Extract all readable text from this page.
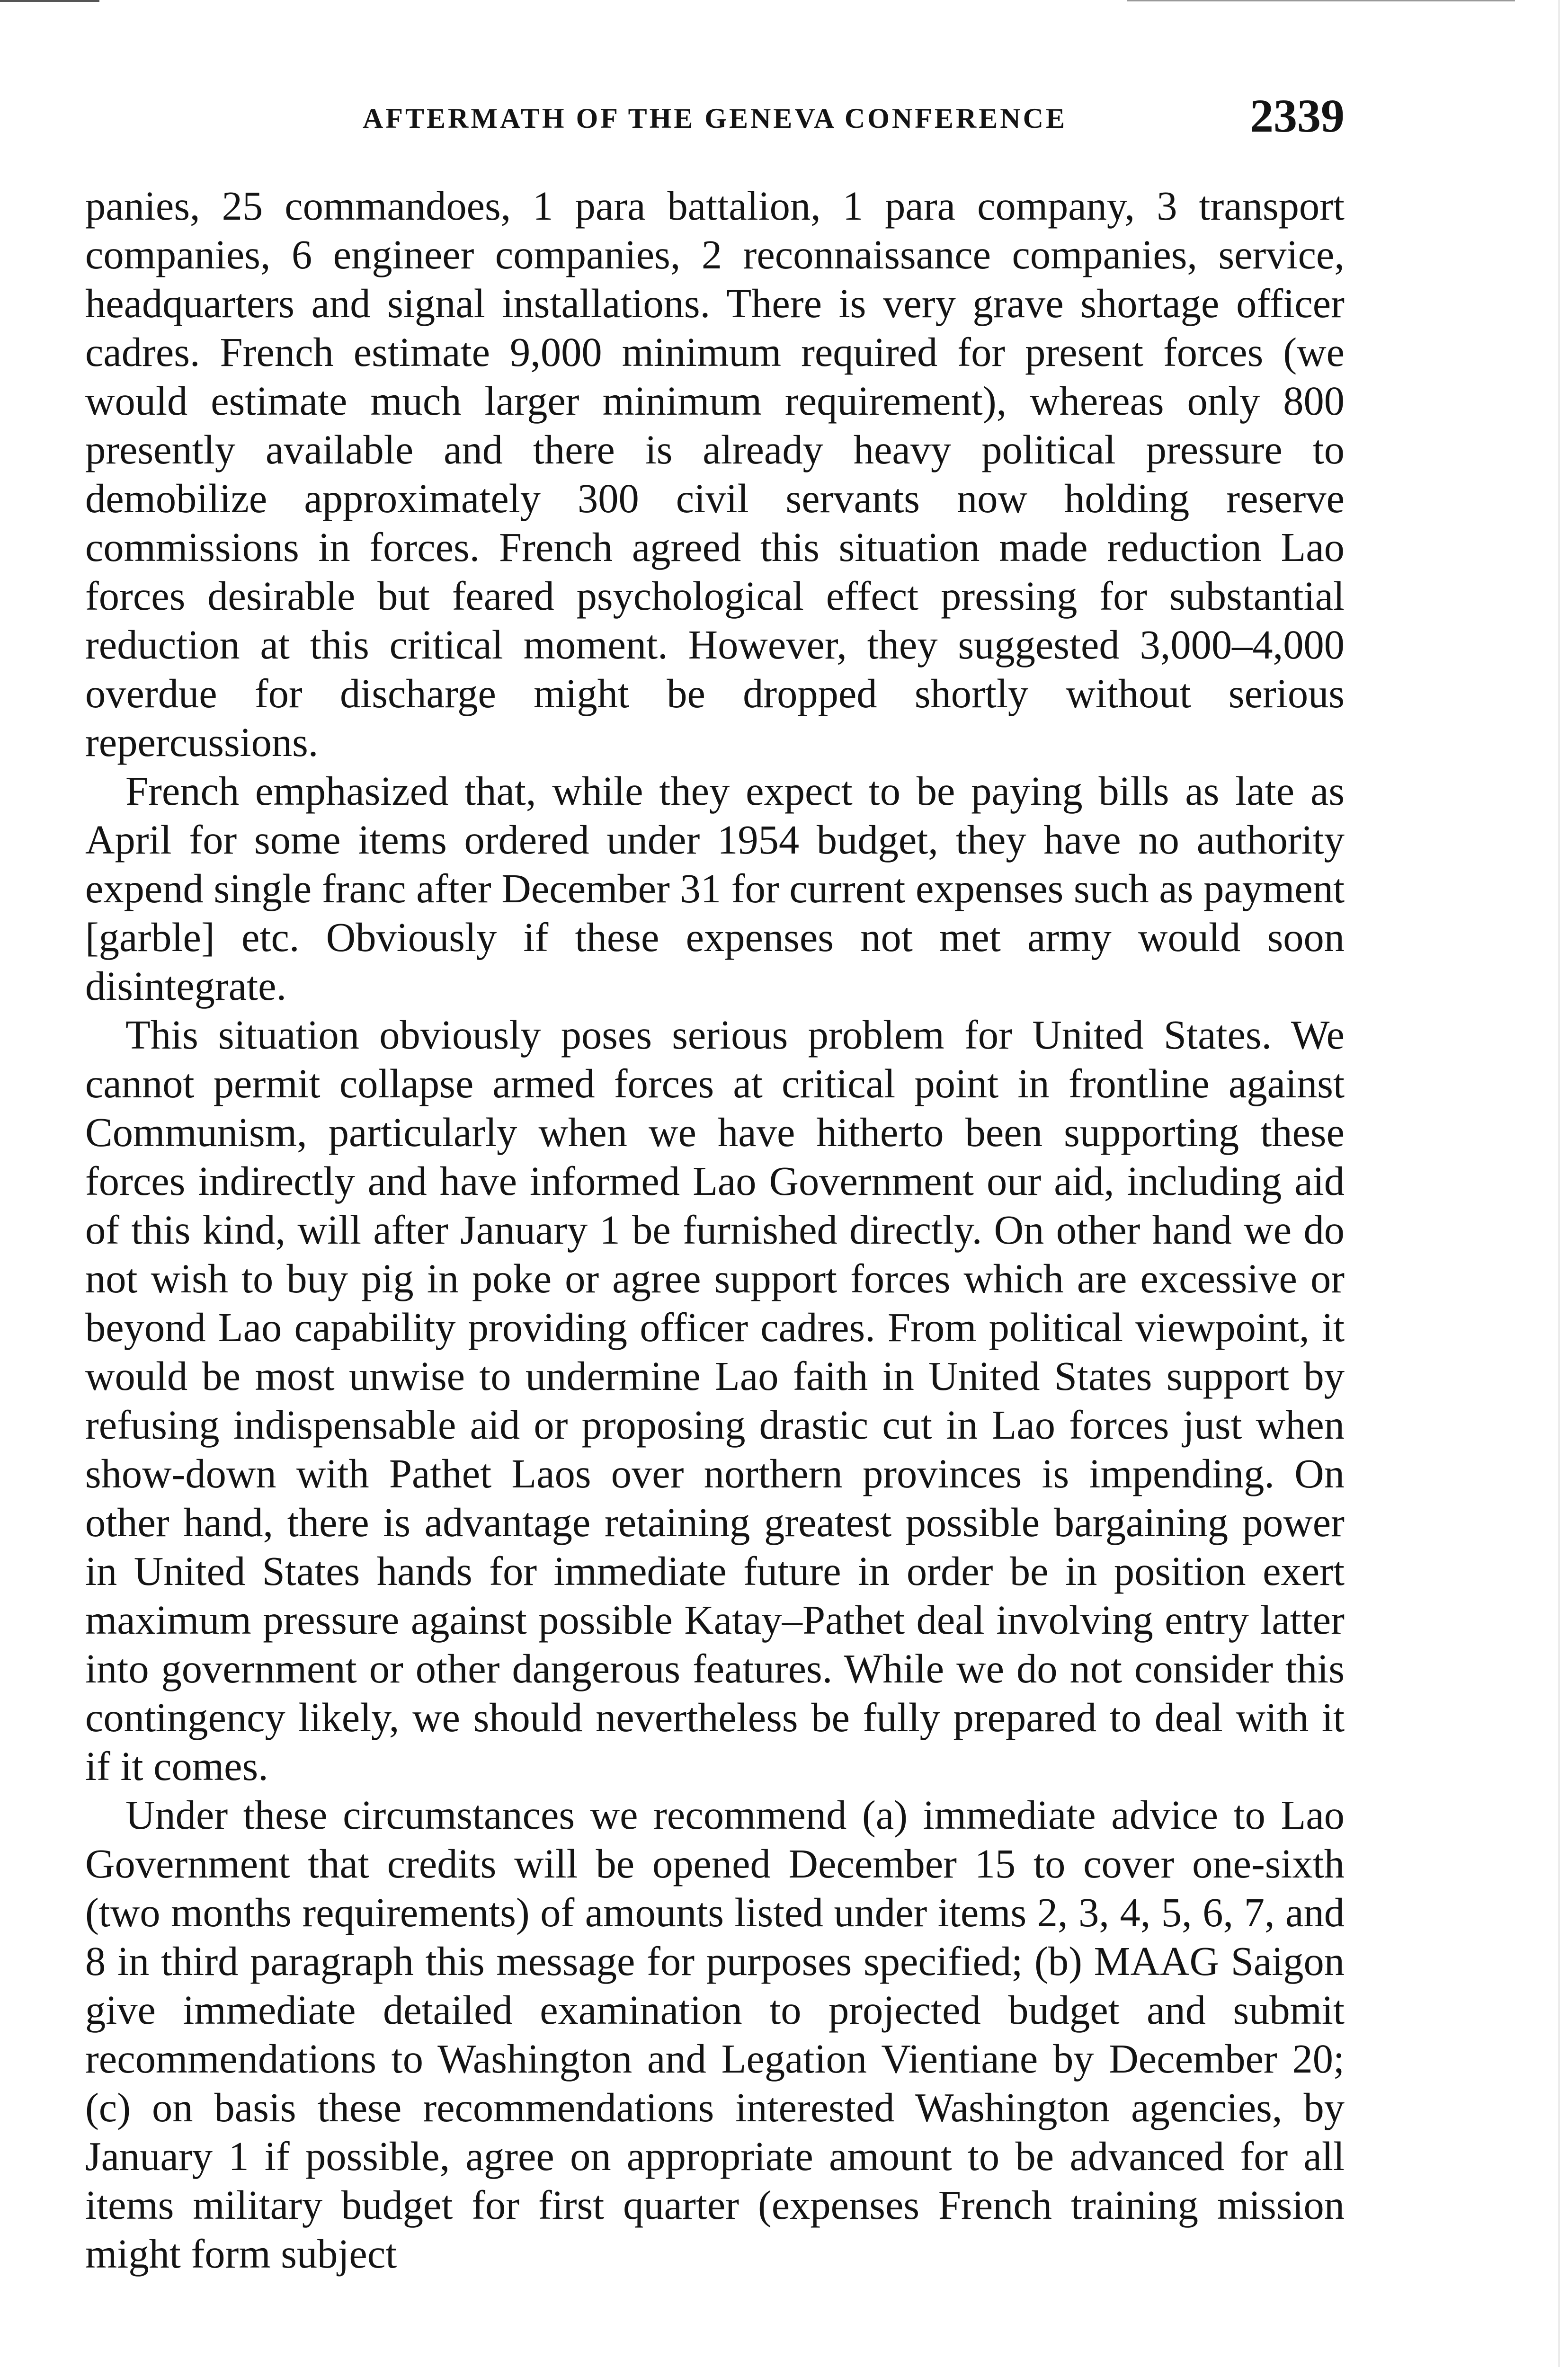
AFTERMATH OF THE GENEVA CONFERENCE	2339

panies, 25 commandoes, 1 para battalion, 1 para company, 3 transport companies, 6 engineer companies, 2 reconnaissance companies, service, headquarters and signal installations. There is very grave shortage officer cadres. French estimate 9,000 minimum required for present forces (we would estimate much larger minimum requirement), whereas only 800 presently available and there is already heavy political pressure to demobilize approximately 300 civil servants now holding reserve commissions in forces. French agreed this situation made reduction Lao forces desirable but feared psychological effect pressing for substantial reduction at this critical moment. However, they suggested 3,000–4,000 overdue for discharge might be dropped shortly without serious repercussions.

French emphasized that, while they expect to be paying bills as late as April for some items ordered under 1954 budget, they have no authority expend single franc after December 31 for current expenses such as payment [garble] etc. Obviously if these expenses not met army would soon disintegrate.

This situation obviously poses serious problem for United States. We cannot permit collapse armed forces at critical point in frontline against Communism, particularly when we have hitherto been supporting these forces indirectly and have informed Lao Government our aid, including aid of this kind, will after January 1 be furnished directly. On other hand we do not wish to buy pig in poke or agree support forces which are excessive or beyond Lao capability providing officer cadres. From political viewpoint, it would be most unwise to undermine Lao faith in United States support by refusing indispensable aid or proposing drastic cut in Lao forces just when show-down with Pathet Laos over northern provinces is impending. On other hand, there is advantage retaining greatest possible bargaining power in United States hands for immediate future in order be in position exert maximum pressure against possible Katay–Pathet deal involving entry latter into government or other dangerous features. While we do not consider this contingency likely, we should nevertheless be fully prepared to deal with it if it comes.

Under these circumstances we recommend (a) immediate advice to Lao Government that credits will be opened December 15 to cover one-sixth (two months requirements) of amounts listed under items 2, 3, 4, 5, 6, 7, and 8 in third paragraph this message for purposes specified; (b) MAAG Saigon give immediate detailed examination to projected budget and submit recommendations to Washington and Legation Vientiane by December 20; (c) on basis these recommendations interested Washington agencies, by January 1 if possible, agree on appropriate amount to be advanced for all items military budget for first quarter (expenses French training mission might form subject
